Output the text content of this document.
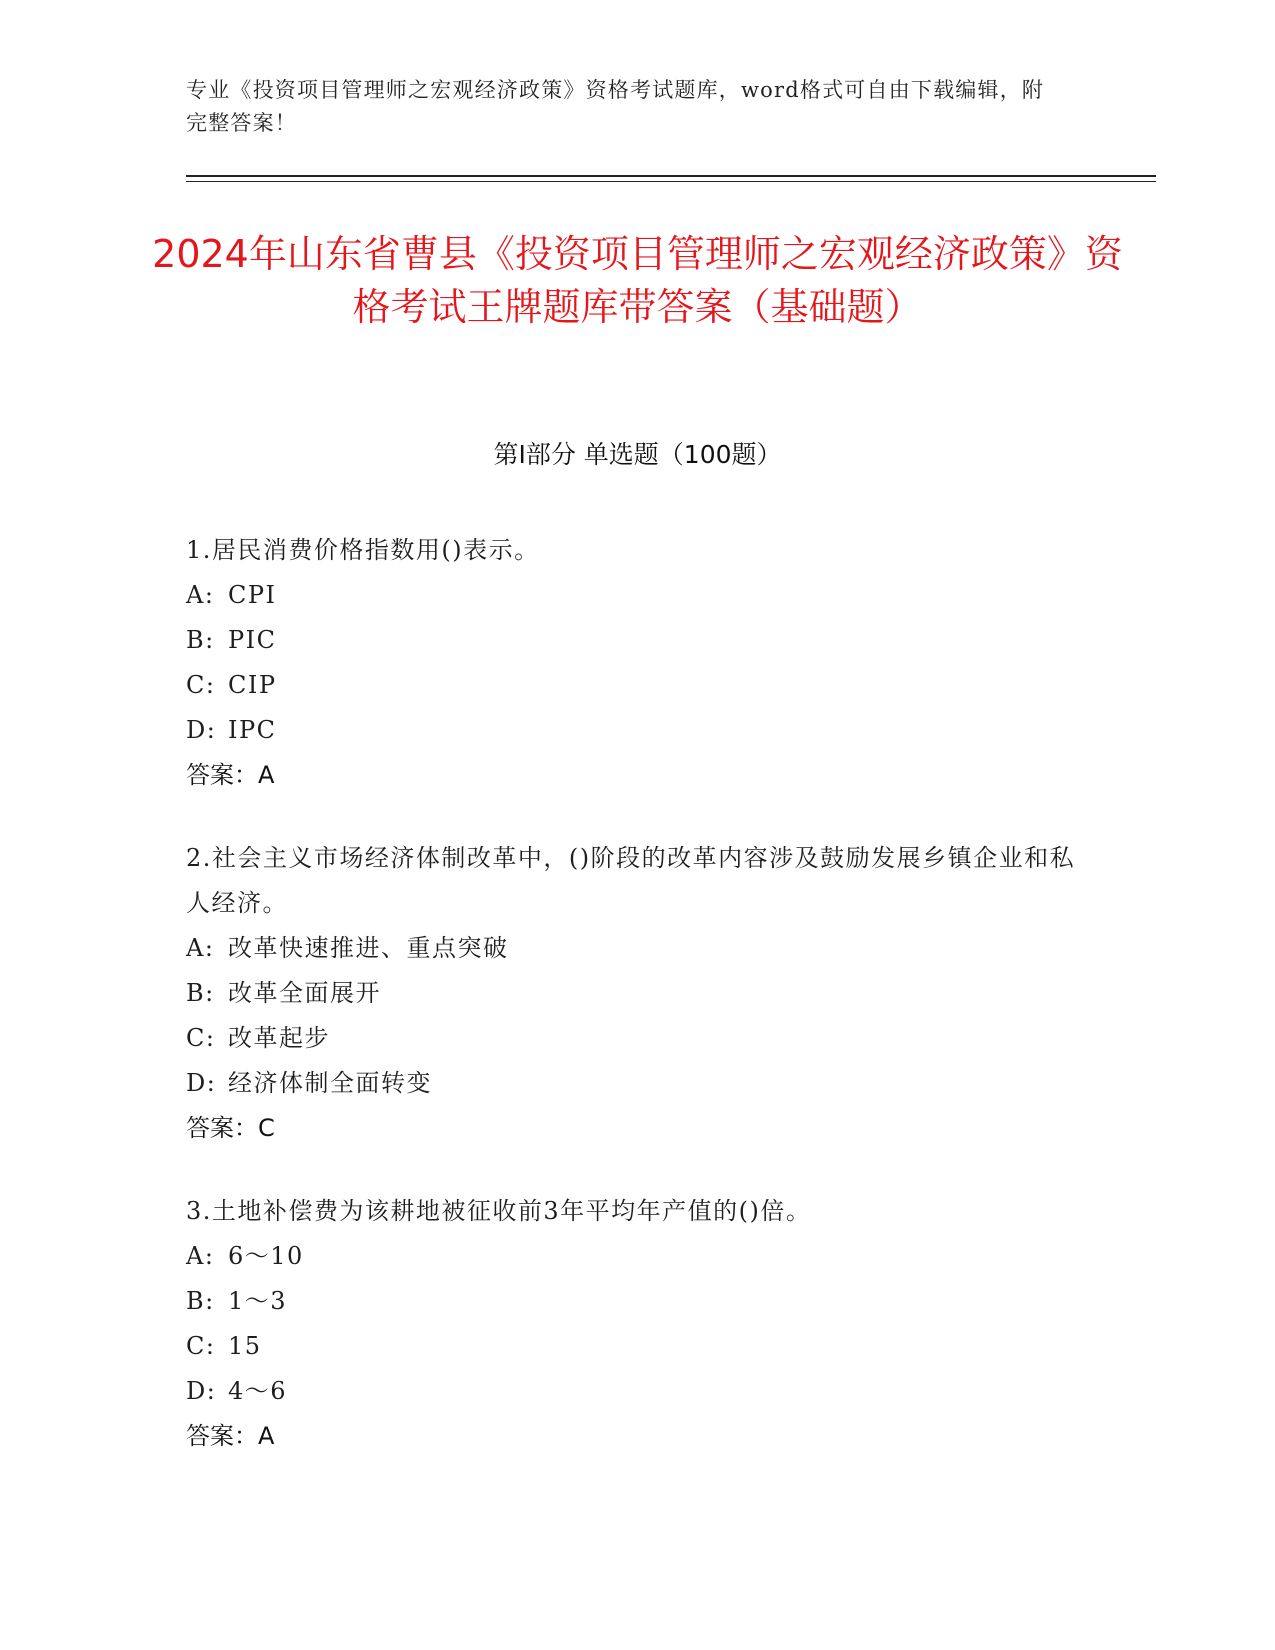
专业《投资项目管理师之宏观经济政策》资格考试题库，word格式可自由下载编辑，附完整答案！
2024年山东省曹县《投资项目管理师之宏观经济政策》资格考试王牌题库带答案（基础题）
第I部分 单选题（100题）

1.居民消费价格指数用()表示。

A: CPI

B: PIC

C: CIP

D: IPC

答案：A

2.社会主义市场经济体制改革中，()阶段的改革内容涉及鼓励发展乡镇企业和私人经济。

A: 改革快速推进、重点突破

B: 改革全面展开

C: 改革起步

D: 经济体制全面转变

答案：C

3.土地补偿费为该耕地被征收前3年平均年产值的()倍。

A: 6～10

B: 1～3

C: 15

D: 4～6

答案：A
